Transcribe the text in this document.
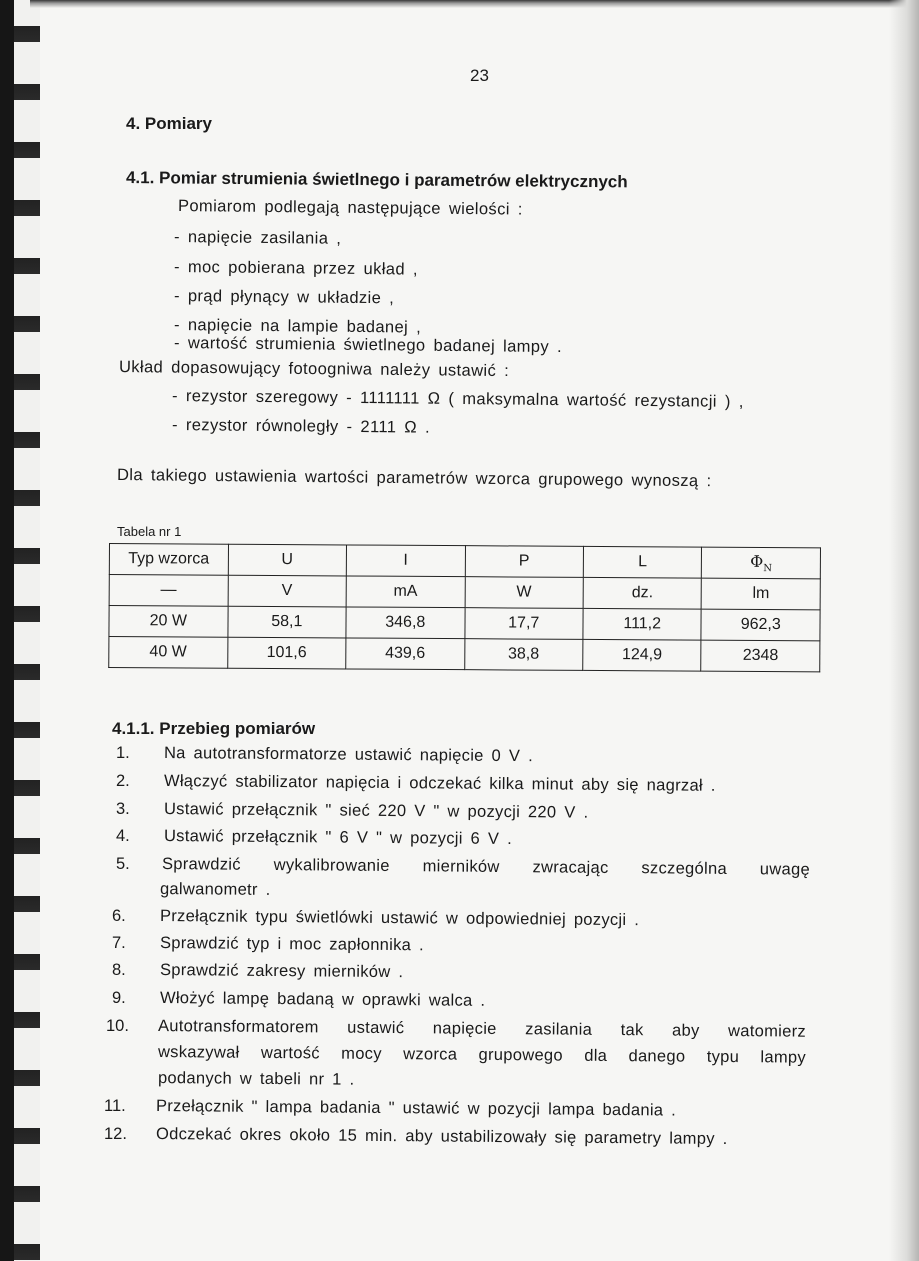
23
4. Pomiary
4.1. Pomiar strumienia świetlnego i parametrów elektrycznych
Pomiarom podlegają następujące wielości :
- napięcie zasilania ,
- moc pobierana przez układ ,
- prąd płynący w układzie ,
- napięcie na lampie badanej ,
- wartość strumienia świetlnego badanej lampy .
Układ dopasowujący fotoogniwa należy ustawić :
- rezystor szeregowy - 1111111 Ω ( maksymalna wartość rezystancji ) ,
- rezystor równoległy - 2111 Ω .
Dla takiego ustawienia wartości parametrów wzorca grupowego wynoszą :
Tabela nr 1
Typ wzorca	U	I	P	L	$\Phi_N$
—	V	mA	W	dz.	lm
20 W	58,1	346,8	17,7	111,2	962,3
40 W	101,6	439,6	38,8	124,9	2348
4.1.1. Przebieg pomiarów
1. Na autotransformatorze ustawić napięcie 0 V .
2. Włączyć stabilizator napięcia i odczekać kilka minut aby się nagrzał .
3. Ustawić przełącznik " sieć 220 V " w pozycji 220 V .
4. Ustawić przełącznik " 6 V " w pozycji 6 V .
5. Sprawdzić wykalibrowanie mierników zwracając szczególna uwagę
galwanometr .
6. Przełącznik typu świetlówki ustawić w odpowiedniej pozycji .
7. Sprawdzić typ i moc zapłonnika .
8. Sprawdzić zakresy mierników .
9. Włożyć lampę badaną w oprawki walca .
10. Autotransformatorem ustawić napięcie zasilania tak aby watomierz
wskazywał wartość mocy wzorca grupowego dla danego typu lampy
podanych w tabeli nr 1 .
11. Przełącznik " lampa badania " ustawić w pozycji lampa badania .
12. Odczekać okres około 15 min. aby ustabilizowały się parametry lampy .
